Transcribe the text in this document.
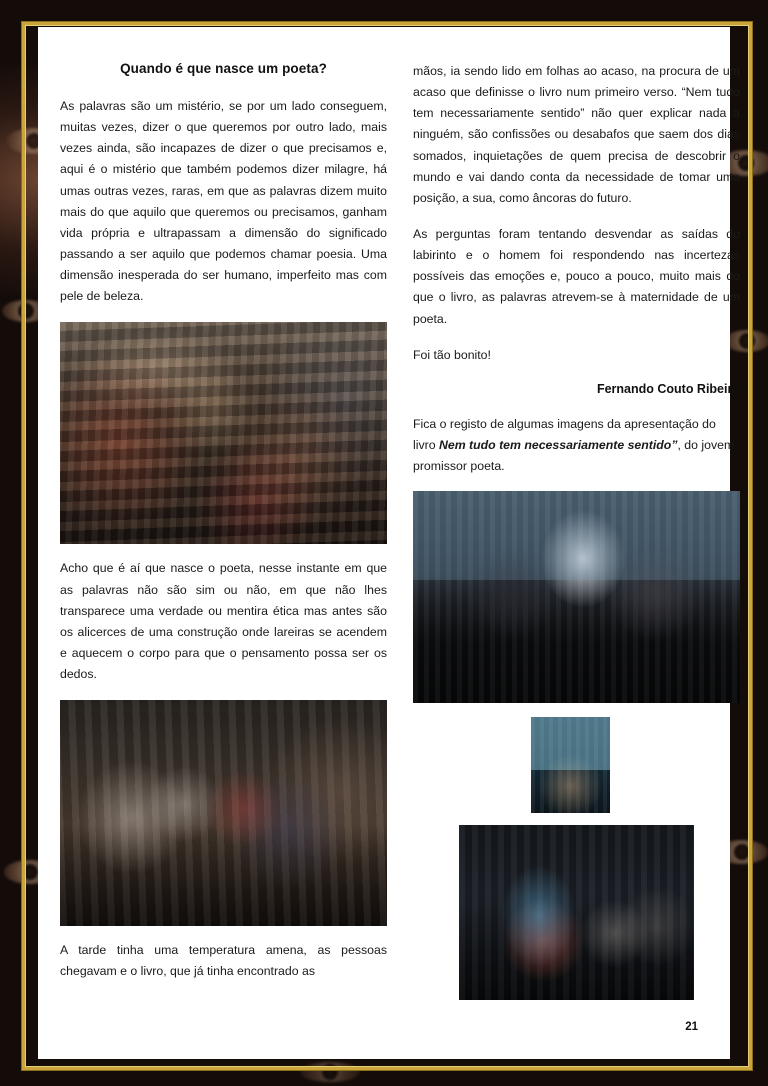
Quando é que nasce um poeta?

As palavras são um mistério, se por um lado conseguem, muitas vezes, dizer o que queremos por outro lado, mais vezes ainda, são incapazes de dizer o que precisamos e, aqui é o mistério que também podemos dizer milagre, há umas outras vezes, raras, em que as palavras dizem muito mais do que aquilo que queremos ou precisamos, ganham vida própria e ultrapassam a dimensão do significado passando a ser aquilo que podemos chamar poesia. Uma dimensão inesperada do ser humano, imperfeito mas com pele de beleza.

Acho que é aí que nasce o poeta, nesse instante em que as palavras não são sim ou não, em que não lhes transparece uma verdade ou mentira ética mas antes são os alicerces de uma construção onde lareiras se acendem e aquecem o corpo para que o pensamento possa ser os dedos.

A tarde tinha uma temperatura amena, as pessoas chegavam e o livro, que já tinha encontrado as

mãos, ia sendo lido em folhas ao acaso, na procura de um acaso que definisse o livro num primeiro verso. “Nem tudo tem necessariamente sentido” não quer explicar nada a ninguém, são confissões ou desabafos que saem dos dias somados, inquietações de quem precisa de descobrir o mundo e vai dando conta da necessidade de tomar uma posição, a sua, como âncoras do futuro.

As perguntas foram tentando desvendar as saídas do labirinto e o homem foi respondendo nas incertezas possíveis das emoções e, pouco a pouco, muito mais do que o livro, as palavras atrevem-se à maternidade de um poeta.

Foi tão bonito!

Fernando Couto Ribeiro

Fica o registo de algumas imagens da apresentação do livro Nem tudo tem necessariamente sentido”, do jovem promissor poeta.

21
